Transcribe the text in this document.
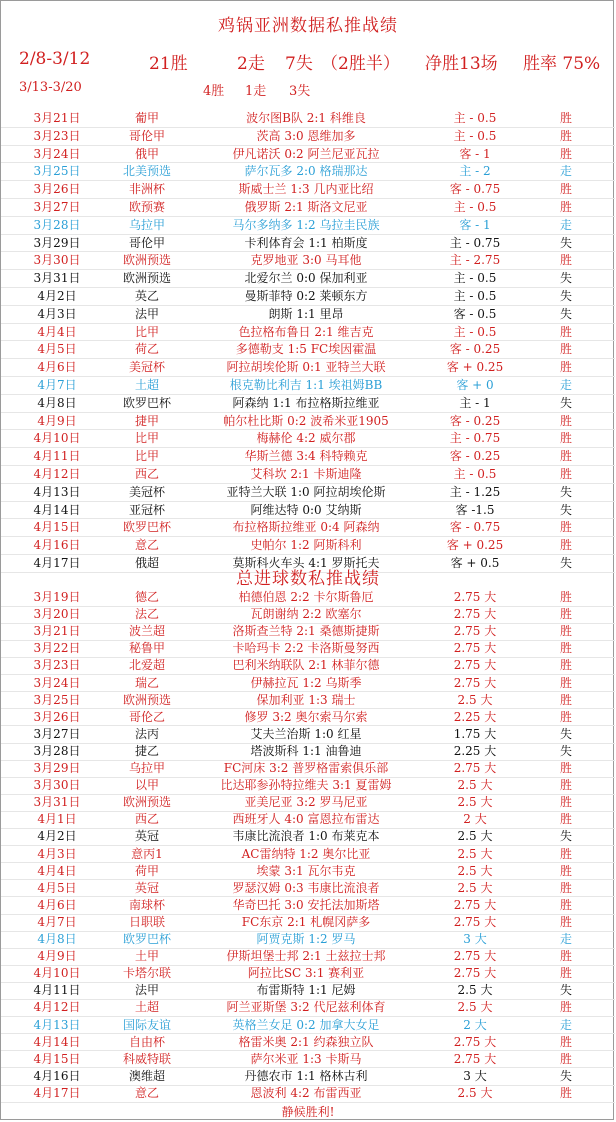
鸡锅亚洲数据私推战绩
2/8-3/12	21胜	2走 7失 （2胜半） 净胜13场 胜率 75%
3/13-3/20	4胜 1走 3失
3月21日	葡甲	波尔图B队 2:1 科维良	主 - 0.5	胜
3月23日	哥伦甲	茨高 3:0 恩维加多	主 - 0.5	胜
3月24日	俄甲	伊凡诺沃 0:2 阿兰尼亚瓦拉	客 - 1	胜
3月25日	北美预选	萨尔瓦多 2:0 格瑞那达	主 - 2	走
3月26日	非洲杯	斯威士兰 1:3 几内亚比绍	客 - 0.75	胜
3月27日	欧预赛	俄罗斯 2:1 斯洛文尼亚	主 - 0.5	胜
3月28日	乌拉甲	马尔多纳多 1:2 乌拉圭民族	客 - 1	走
3月29日	哥伦甲	卡利体育会 1:1 柏斯度	主 - 0.75	失
3月30日	欧洲预选	克罗地亚 3:0 马耳他	主 - 2.75	胜
3月31日	欧洲预选	北爱尔兰 0:0 保加利亚	主 - 0.5	失
4月2日	英乙	曼斯菲特 0:2 莱顿东方	主 - 0.5	失
4月3日	法甲	朗斯 1:1 里昂	客 - 0.5	失
4月4日	比甲	色拉格布鲁日 2:1 维吉克	主 - 0.5	胜
4月5日	荷乙	多德勒支 1:5 FC埃因霍温	客 - 0.25	胜
4月6日	美冠杯	阿拉胡埃伦斯 0:1 亚特兰大联	客 + 0.25	胜
4月7日	土超	根克勒比利吉 1:1 埃祖姆BB	客 + 0	走
4月8日	欧罗巴杯	阿森纳 1:1 布拉格斯拉维亚	主 - 1	失
4月9日	捷甲	帕尔杜比斯 0:2 波希米亚1905	客 - 0.25	胜
4月10日	比甲	梅赫伦 4:2 威尔郡	主 - 0.75	胜
4月11日	比甲	华斯兰德 3:4 科特赖克	客 - 0.25	胜
4月12日	西乙	艾科坎 2:1 卡斯迪隆	主 - 0.5	胜
4月13日	美冠杯	亚特兰大联 1:0 阿拉胡埃伦斯	主 - 1.25	失
4月14日	亚冠杯	阿维达特 0:0 艾纳斯	客 -1.5	失
4月15日	欧罗巴杯	布拉格斯拉维亚 0:4 阿森纳	客 - 0.75	胜
4月16日	意乙	史帕尔 1:2 阿斯科利	客 + 0.25	胜
4月17日	俄超	莫斯科火车头 4:1 罗斯托夫	客 + 0.5	失
总进球数私推战绩
3月19日	德乙	柏德伯恩 2:2 卡尔斯鲁厄	2.75 大	胜
3月20日	法乙	瓦朗谢纳 2:2 欧塞尔	2.75 大	胜
3月21日	波兰超	洛斯查兰特 2:1 桑德斯捷斯	2.75 大	胜
3月22日	秘鲁甲	卡哈玛卡 2:2 卡洛斯曼努西	2.75 大	胜
3月23日	北爱超	巴利米纳联队 2:1 林菲尔德	2.75 大	胜
3月24日	瑞乙	伊赫拉瓦 1:2 乌斯季	2.75 大	胜
3月25日	欧洲预选	保加利亚 1:3 瑞士	2.5 大	胜
3月26日	哥伦乙	修罗 3:2 奥尔索马尔索	2.25 大	胜
3月27日	法丙	艾夫兰治斯 1:0 红星	1.75 大	失
3月28日	捷乙	塔波斯科 1:1 油鲁迪	2.25 大	失
3月29日	乌拉甲	FC河床 3:2 普罗格雷索俱乐部	2.75 大	胜
3月30日	以甲	比达耶参孙特拉维夫 3:1 夏雷姆	2.5 大	胜
3月31日	欧洲预选	亚美尼亚 3:2 罗马尼亚	2.5 大	胜
4月1日	西乙	西班牙人 4:0 富恩拉布雷达	2 大	胜
4月2日	英冠	韦康比流浪者 1:0 布莱克本	2.5 大	失
4月3日	意丙1	AC雷纳特 1:2 奥尔比亚	2.5 大	胜
4月4日	荷甲	埃蒙 3:1 瓦尔韦克	2.5 大	胜
4月5日	英冠	罗瑟汉姆 0:3 韦康比流浪者	2.5 大	胜
4月6日	南球杯	华奇巴托 3:0 安托法加斯塔	2.75 大	胜
4月7日	日职联	FC东京 2:1 札幌冈萨多	2.75 大	胜
4月8日	欧罗巴杯	阿贾克斯 1:2 罗马	3 大	走
4月9日	土甲	伊斯坦堡士邦 2:1 土兹拉士邦	2.75 大	胜
4月10日	卡塔尔联	阿拉比SC 3:1 赛利亚	2.75 大	胜
4月11日	法甲	布雷斯特 1:1 尼姆	2.5 大	失
4月12日	土超	阿兰亚斯堡 3:2 代尼兹利体育	2.5 大	胜
4月13日	国际友谊	英格兰女足 0:2 加拿大女足	2 大	走
4月14日	自由杯	格雷米奥 2:1 约森独立队	2.75 大	胜
4月15日	科威特联	萨尔米亚 1:3 卡斯马	2.75 大	胜
4月16日	澳维超	丹德农市 1:1 格林古利	3 大	失
4月17日	意乙	恩波利 4:2 布雷西亚	2.5 大	胜
静候胜利!
